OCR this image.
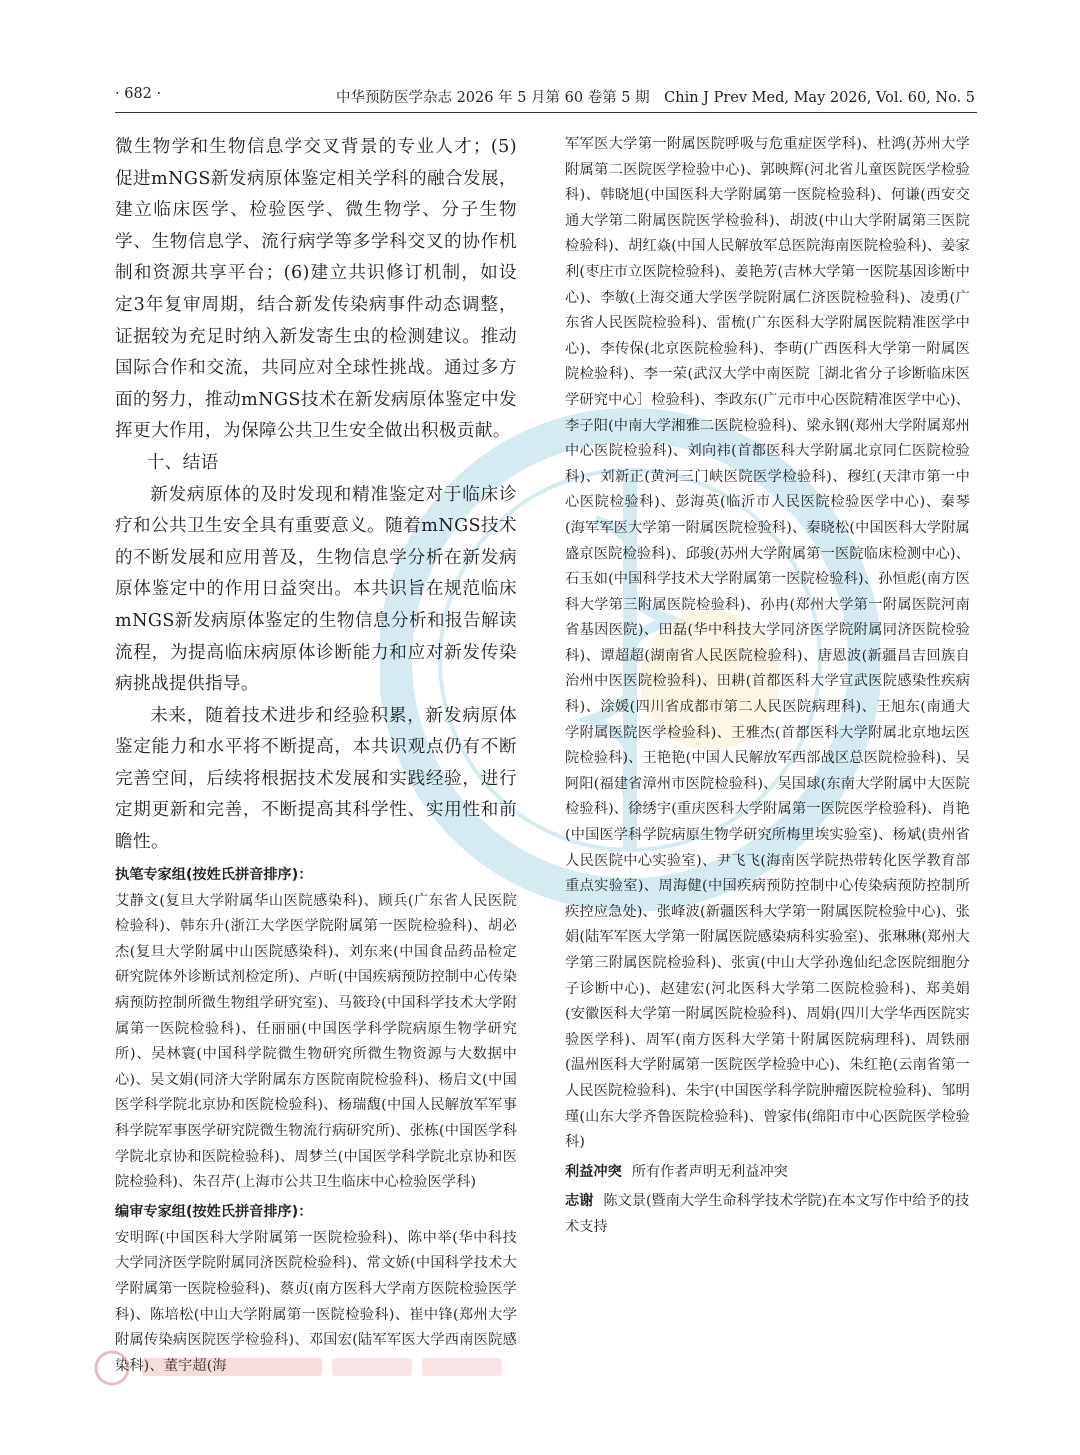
· 682 ·	中华预防医学杂志 2026 年 5 月第 60 卷第 5 期　Chin J Prev Med, May 2026, Vol. 60, No. 5

微生物学和生物信息学交叉背景的专业人才；(5)促进mNGS新发病原体鉴定相关学科的融合发展，建立临床医学、检验医学、微生物学、分子生物学、生物信息学、流行病学等多学科交叉的协作机制和资源共享平台；(6)建立共识修订机制，如设定3年复审周期，结合新发传染病事件动态调整，证据较为充足时纳入新发寄生虫的检测建议。推动国际合作和交流，共同应对全球性挑战。通过多方面的努力，推动mNGS技术在新发病原体鉴定中发挥更大作用，为保障公共卫生安全做出积极贡献。

十、结语

新发病原体的及时发现和精准鉴定对于临床诊疗和公共卫生安全具有重要意义。随着mNGS技术的不断发展和应用普及，生物信息学分析在新发病原体鉴定中的作用日益突出。本共识旨在规范临床mNGS新发病原体鉴定的生物信息分析和报告解读流程，为提高临床病原体诊断能力和应对新发传染病挑战提供指导。

未来，随着技术进步和经验积累，新发病原体鉴定能力和水平将不断提高，本共识观点仍有不断完善空间，后续将根据技术发展和实践经验，进行定期更新和完善，不断提高其科学性、实用性和前瞻性。

执笔专家组(按姓氏拼音排序)：

艾静文(复旦大学附属华山医院感染科)、顾兵(广东省人民医院检验科)、韩东升(浙江大学医学院附属第一医院检验科)、胡必杰(复旦大学附属中山医院感染科)、刘东来(中国食品药品检定研究院体外诊断试剂检定所)、卢昕(中国疾病预防控制中心传染病预防控制所微生物组学研究室)、马筱玲(中国科学技术大学附属第一医院检验科)、任丽丽(中国医学科学院病原生物学研究所)、吴林寰(中国科学院微生物研究所微生物资源与大数据中心)、吴文娟(同济大学附属东方医院南院检验科)、杨启文(中国医学科学院北京协和医院检验科)、杨瑞馥(中国人民解放军军事科学院军事医学研究院微生物流行病研究所)、张栋(中国医学科学院北京协和医院检验科)、周梦兰(中国医学科学院北京协和医院检验科)、朱召芹(上海市公共卫生临床中心检验医学科)

编审专家组(按姓氏拼音排序)：

安明晖(中国医科大学附属第一医院检验科)、陈中举(华中科技大学同济医学院附属同济医院检验科)、常文娇(中国科学技术大学附属第一医院检验科)、蔡贞(南方医科大学南方医院检验医学科)、陈培松(中山大学附属第一医院检验科)、崔中锋(郑州大学附属传染病医院医学检验科)、邓国宏(陆军军医大学西南医院感染科)、董宇超(海

军军医大学第一附属医院呼吸与危重症医学科)、杜鸿(苏州大学附属第二医院医学检验中心)、郭映辉(河北省儿童医院医学检验科)、韩晓旭(中国医科大学附属第一医院检验科)、何谦(西安交通大学第二附属医院医学检验科)、胡波(中山大学附属第三医院检验科)、胡红焱(中国人民解放军总医院海南医院检验科)、姜家利(枣庄市立医院检验科)、姜艳芳(吉林大学第一医院基因诊断中心)、李敏(上海交通大学医学院附属仁济医院检验科)、凌勇(广东省人民医院检验科)、雷梳(广东医科大学附属医院精准医学中心)、李传保(北京医院检验科)、李萌(广西医科大学第一附属医院检验科)、李一荣(武汉大学中南医院［湖北省分子诊断临床医学研究中心］检验科)、李政东(广元市中心医院精准医学中心)、李子阳(中南大学湘雅二医院检验科)、梁永钢(郑州大学附属郑州中心医院检验科)、刘向祎(首都医科大学附属北京同仁医院检验科)、刘新正(黄河三门峡医院医学检验科)、穆红(天津市第一中心医院检验科)、彭海英(临沂市人民医院检验医学中心)、秦琴(海军军医大学第一附属医院检验科)、秦晓松(中国医科大学附属盛京医院检验科)、邱骏(苏州大学附属第一医院临床检测中心)、石玉如(中国科学技术大学附属第一医院检验科)、孙恒彪(南方医科大学第三附属医院检验科)、孙冉(郑州大学第一附属医院河南省基因医院)、田磊(华中科技大学同济医学院附属同济医院检验科)、谭超超(湖南省人民医院检验科)、唐恩波(新疆昌吉回族自治州中医医院检验科)、田耕(首都医科大学宣武医院感染性疾病科)、涂媛(四川省成都市第二人民医院病理科)、王旭东(南通大学附属医院医学检验科)、王雅杰(首都医科大学附属北京地坛医院检验科)、王艳艳(中国人民解放军西部战区总医院检验科)、吴阿阳(福建省漳州市医院检验科)、吴国球(东南大学附属中大医院检验科)、徐绣宇(重庆医科大学附属第一医院医学检验科)、肖艳(中国医学科学院病原生物学研究所梅里埃实验室)、杨斌(贵州省人民医院中心实验室)、尹飞飞(海南医学院热带转化医学教育部重点实验室)、周海健(中国疾病预防控制中心传染病预防控制所疾控应急处)、张峰波(新疆医科大学第一附属医院检验中心)、张娟(陆军军医大学第一附属医院感染病科实验室)、张琳琳(郑州大学第三附属医院检验科)、张寅(中山大学孙逸仙纪念医院细胞分子诊断中心)、赵建宏(河北医科大学第二医院检验科)、郑美娟(安徽医科大学第一附属医院检验科)、周娟(四川大学华西医院实验医学科)、周军(南方医科大学第十附属医院病理科)、周铁丽(温州医科大学附属第一医院医学检验中心)、朱红艳(云南省第一人民医院检验科)、朱宇(中国医学科学院肿瘤医院检验科)、邹明瑾(山东大学齐鲁医院检验科)、曾家伟(绵阳市中心医院医学检验科)

利益冲突 所有作者声明无利益冲突
志谢 陈文景(暨南大学生命科学技术学院)在本文写作中给予的技术支持
